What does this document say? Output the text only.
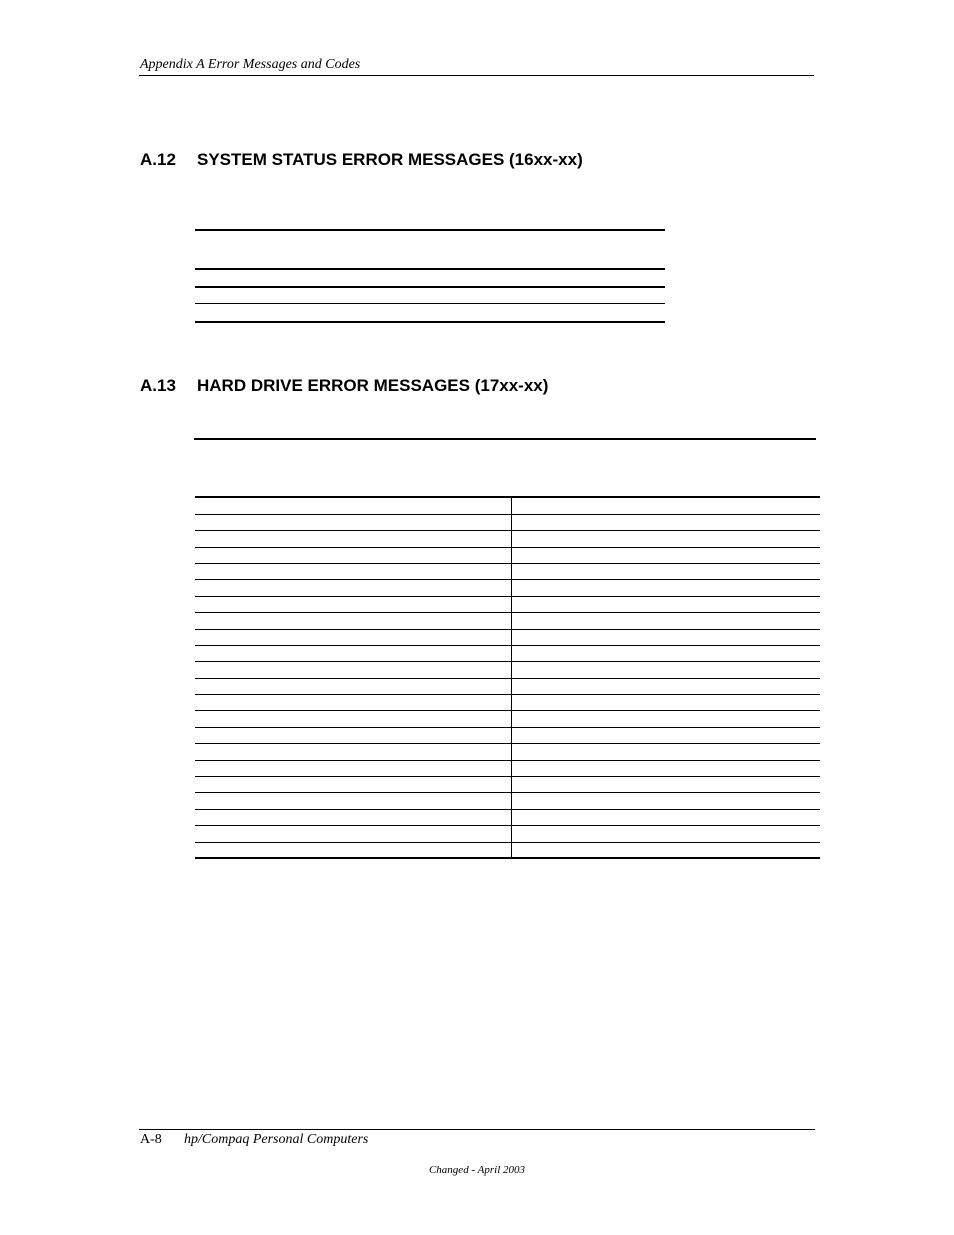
Appendix A Error Messages and Codes
A.12 SYSTEM STATUS ERROR MESSAGES (16xx-xx)
A.13 HARD DRIVE ERROR MESSAGES (17xx-xx)
A-8 hp/Compaq Personal Computers
Changed - April 2003
